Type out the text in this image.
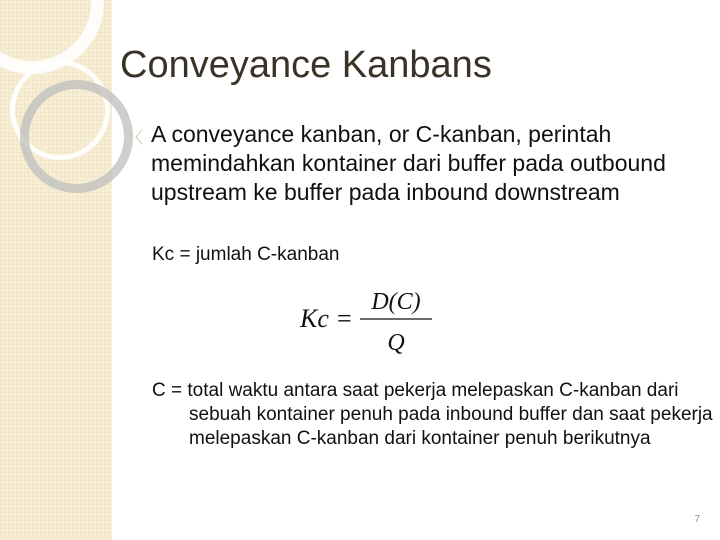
Conveyance Kanbans
〈 A conveyance kanban, or C-kanban, perintah memindahkan kontainer dari buffer pada outbound upstream ke buffer pada inbound downstream
Kc = jumlah C-kanban
Kc =
D(C)
Q
C = total waktu antara saat pekerja melepaskan C-kanban dari sebuah kontainer penuh pada inbound buffer dan saat pekerja melepaskan C-kanban dari kontainer penuh berikutnya
7
